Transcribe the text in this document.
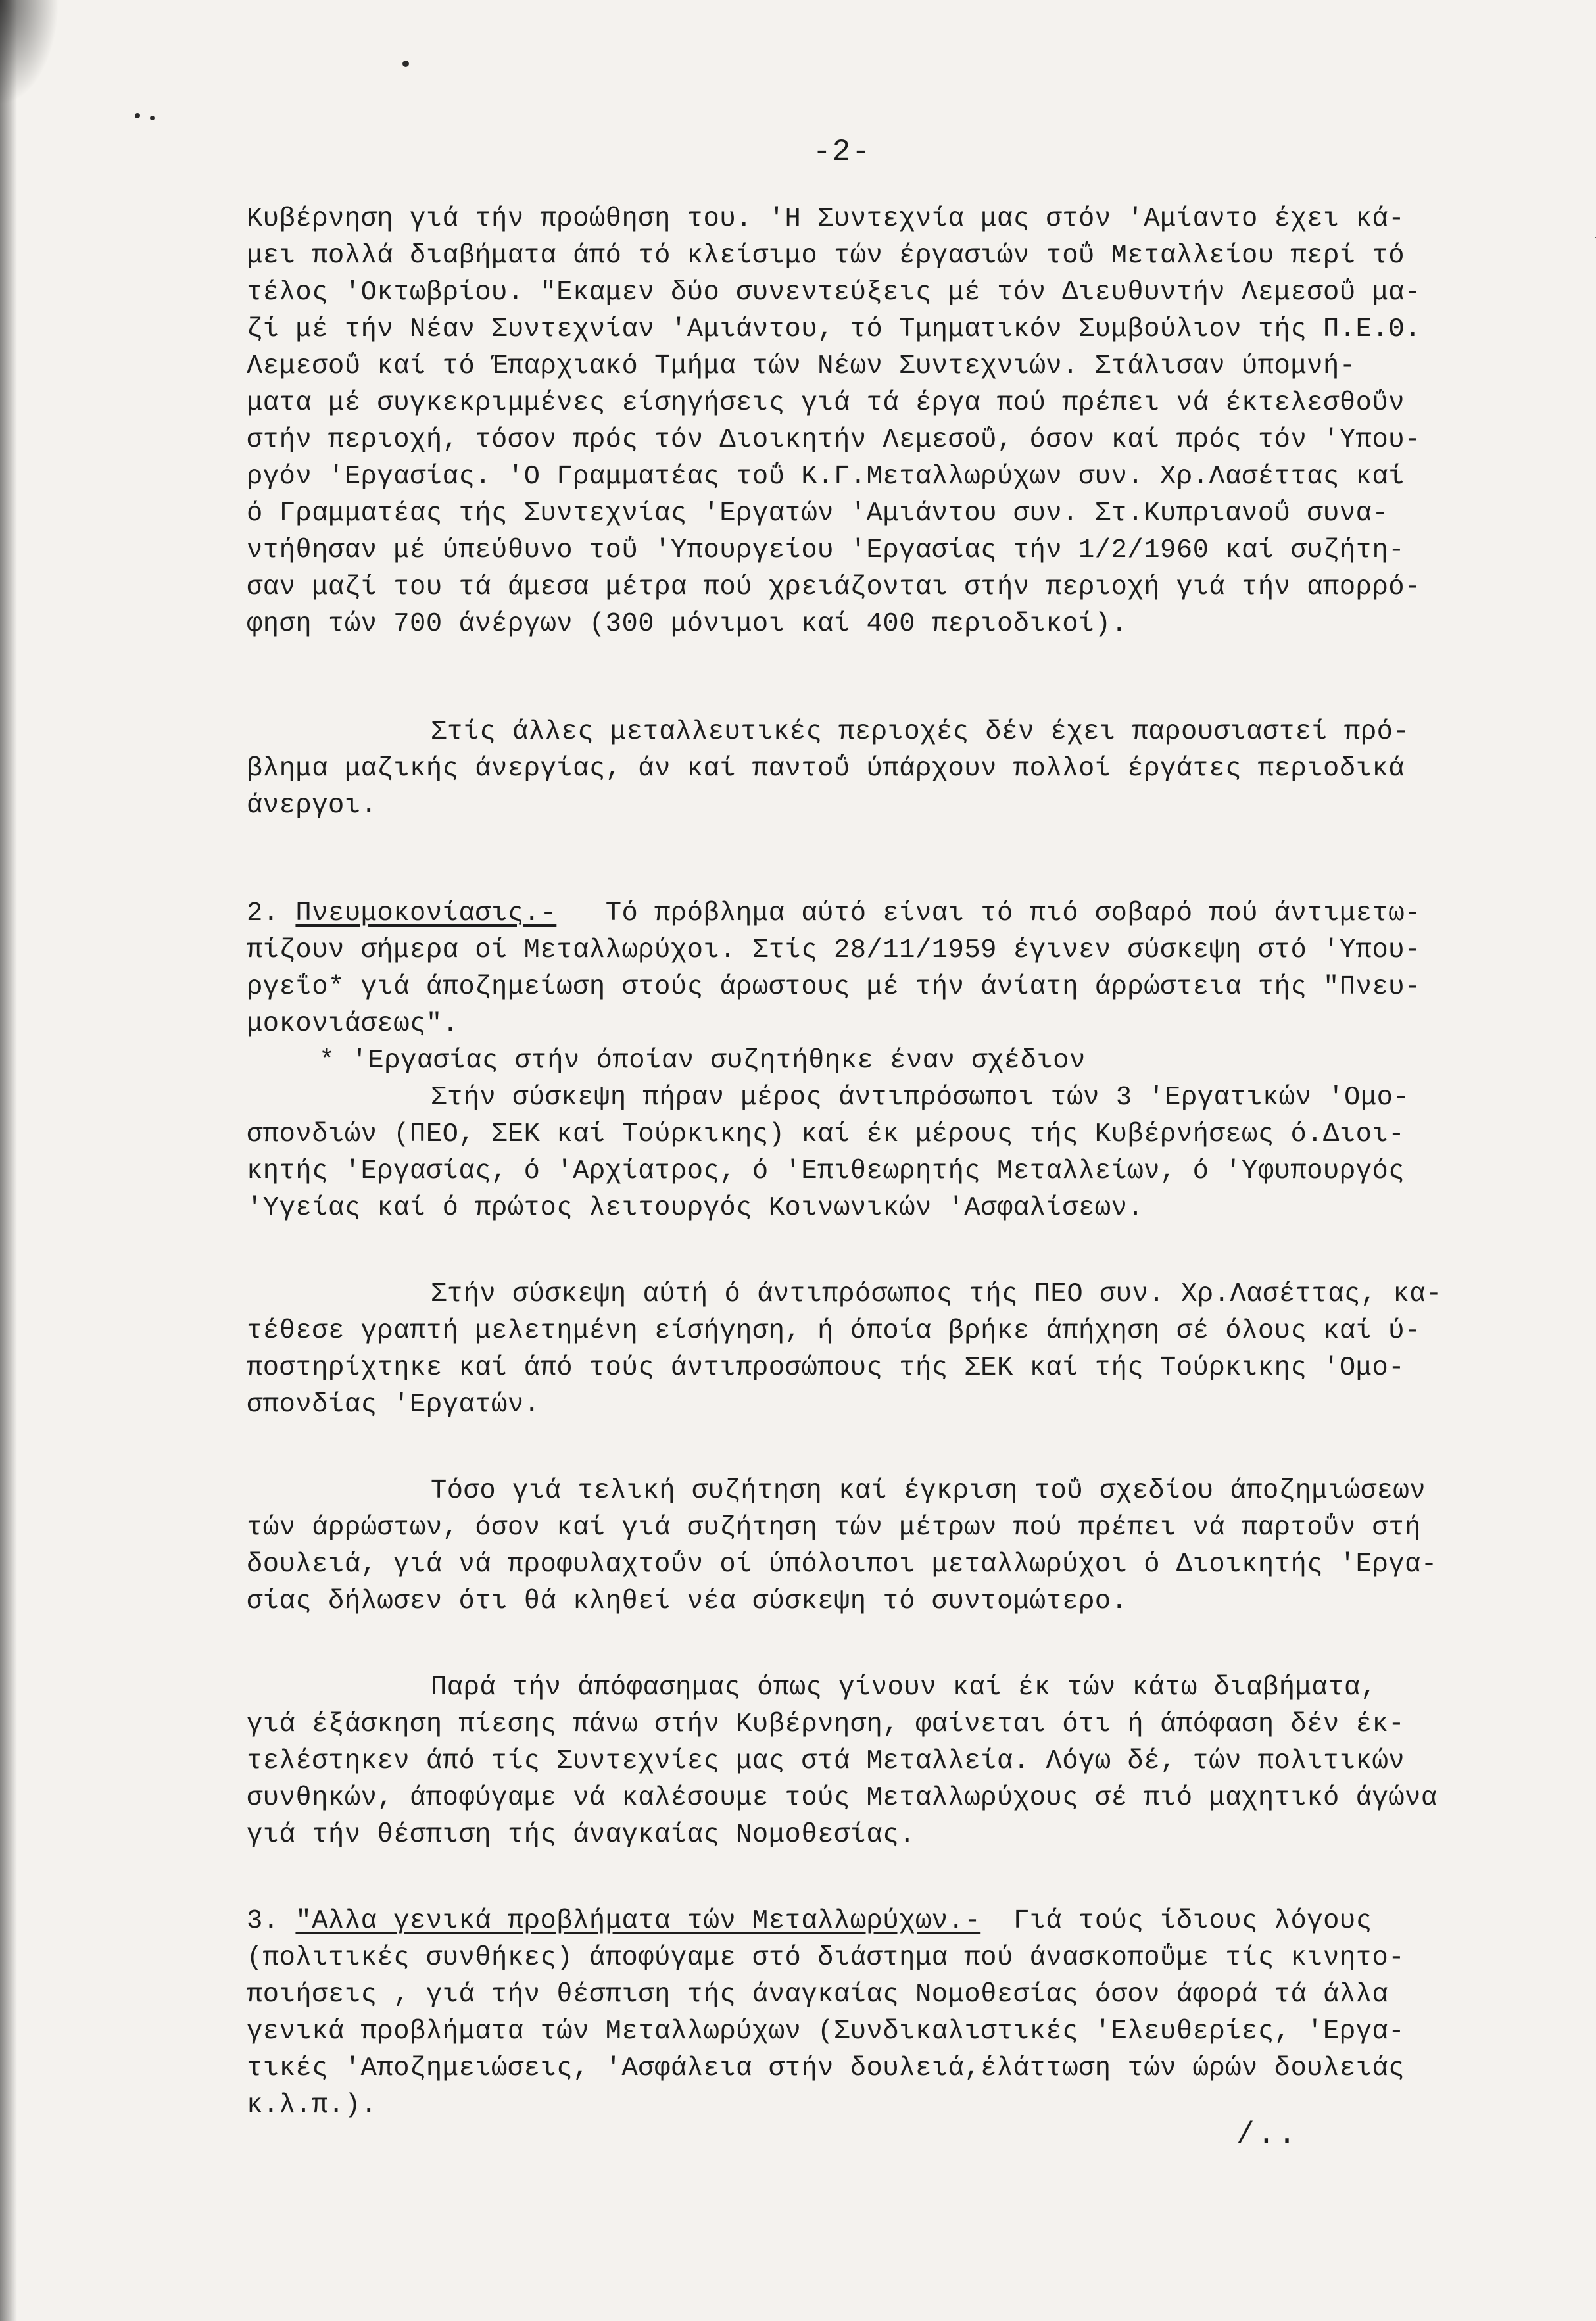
-2-
Κυβέρνηση γιά τήν προώθηση του. 'Η Συντεχνία μας στόν 'Αμίαντο έχει κά-
μει πολλά διαβήματα άπό τό κλείσιμο τών έργασιών τοΰ Μεταλλείου περί τό
τέλος 'Οκτωβρίου. "Εκαμεν δύο συνεντεύξεις μέ τόν Διευθυντήν Λεμεσοΰ μα-
ζί μέ τήν Νέαν Συντεχνίαν 'Αμιάντου, τό Τμηματικόν Συμβούλιον τής Π.Ε.Θ.
Λεμεσοΰ καί τό Έπαρχιακό Τμήμα τών Νέων Συντεχνιών. Στάλισαν ύπομνή-
ματα μέ συγκεκριμμένες είσηγήσεις γιά τά έργα πού πρέπει νά έκτελεσθοΰν
στήν περιοχή, τόσον πρός τόν Διοικητήν Λεμεσοΰ, όσον καί πρός τόν 'Υπου-
ργόν 'Εργασίας. 'Ο Γραμματέας τοΰ Κ.Γ.Μεταλλωρύχων συν. Χρ.Λασέττας καί
ό Γραμματέας τής Συντεχνίας 'Εργατών 'Αμιάντου συν. Στ.Κυπριανοΰ συνα-
ντήθησαν μέ ύπεύθυνο τοΰ 'Υπουργείου 'Εργασίας τήν 1/2/1960 καί συζήτη-
σαν μαζί του τά άμεσα μέτρα πού χρειάζονται στήν περιοχή γιά τήν απορρό-
φηση τών 700 άνέργων (300 μόνιμοι καί 400 περιοδικοί).
Στίς άλλες μεταλλευτικές περιοχές δέν έχει παρουσιαστεί πρό-
βλημα μαζικής άνεργίας, άν καί παντοΰ ύπάρχουν πολλοί έργάτες περιοδικά
άνεργοι.
2. Πνευμοκονίασις.- Τό πρόβλημα αύτό είναι τό πιό σοβαρό πού άντιμετω-
πίζουν σήμερα οί Μεταλλωρύχοι. Στίς 28/11/1959 έγινεν σύσκεψη στό 'Υπου-
ργεΐο* γιά άποζημείωση στούς άρωστους μέ τήν άνίατη άρρώστεια τής "Πνευ-
μοκονιάσεως".
* 'Εργασίας στήν όποίαν συζητήθηκε έναν σχέδιον
Στήν σύσκεψη πήραν μέρος άντιπρόσωποι τών 3 'Εργατικών 'Ομο-
σπονδιών (ΠΕΟ, ΣΕΚ καί Τούρκικης) καί έκ μέρους τής Κυβέρνήσεως ό.Διοι-
κητής 'Εργασίας, ό 'Αρχίατρος, ό 'Επιθεωρητής Μεταλλείων, ό 'Υφυπουργός
'Υγείας καί ό πρώτος λειτουργός Κοινωνικών 'Ασφαλίσεων.
Στήν σύσκεψη αύτή ό άντιπρόσωπος τής ΠΕΟ συν. Χρ.Λασέττας, κα-
τέθεσε γραπτή μελετημένη είσήγηση, ή όποία βρήκε άπήχηση σέ όλους καί ύ-
ποστηρίχτηκε καί άπό τούς άντιπροσώπους τής ΣΕΚ καί τής Τούρκικης 'Ομο-
σπονδίας 'Εργατών.
Τόσο γιά τελική συζήτηση καί έγκριση τοΰ σχεδίου άποζημιώσεων
τών άρρώστων, όσον καί γιά συζήτηση τών μέτρων πού πρέπει νά παρτοΰν στή
δουλειά, γιά νά προφυλαχτοΰν οί ύπόλοιποι μεταλλωρύχοι ό Διοικητής 'Εργα-
σίας δήλωσεν ότι θά κληθεί νέα σύσκεψη τό συντομώτερο.
Παρά τήν άπόφασημας όπως γίνουν καί έκ τών κάτω διαβήματα,
γιά έξάσκηση πίεσης πάνω στήν Κυβέρνηση, φαίνεται ότι ή άπόφαση δέν έκ-
τελέστηκεν άπό τίς Συντεχνίες μας στά Μεταλλεία. Λόγω δέ, τών πολιτικών
συνθηκών, άποφύγαμε νά καλέσουμε τούς Μεταλλωρύχους σέ πιό μαχητικό άγώνα
γιά τήν θέσπιση τής άναγκαίας Νομοθεσίας.
3. "Αλλα γενικά προβλήματα τών Μεταλλωρύχων.- Γιά τούς ίδιους λόγους
(πολιτικές συνθήκες) άποφύγαμε στό διάστημα πού άνασκοποΰμε τίς κινητο-
ποιήσεις , γιά τήν θέσπιση τής άναγκαίας Νομοθεσίας όσον άφορά τά άλλα
γενικά προβλήματα τών Μεταλλωρύχων (Συνδικαλιστικές 'Ελευθερίες, 'Εργα-
τικές 'Αποζημειώσεις, 'Ασφάλεια στήν δουλειά,έλάττωση τών ώρών δουλειάς
κ.λ.π.).
/..
